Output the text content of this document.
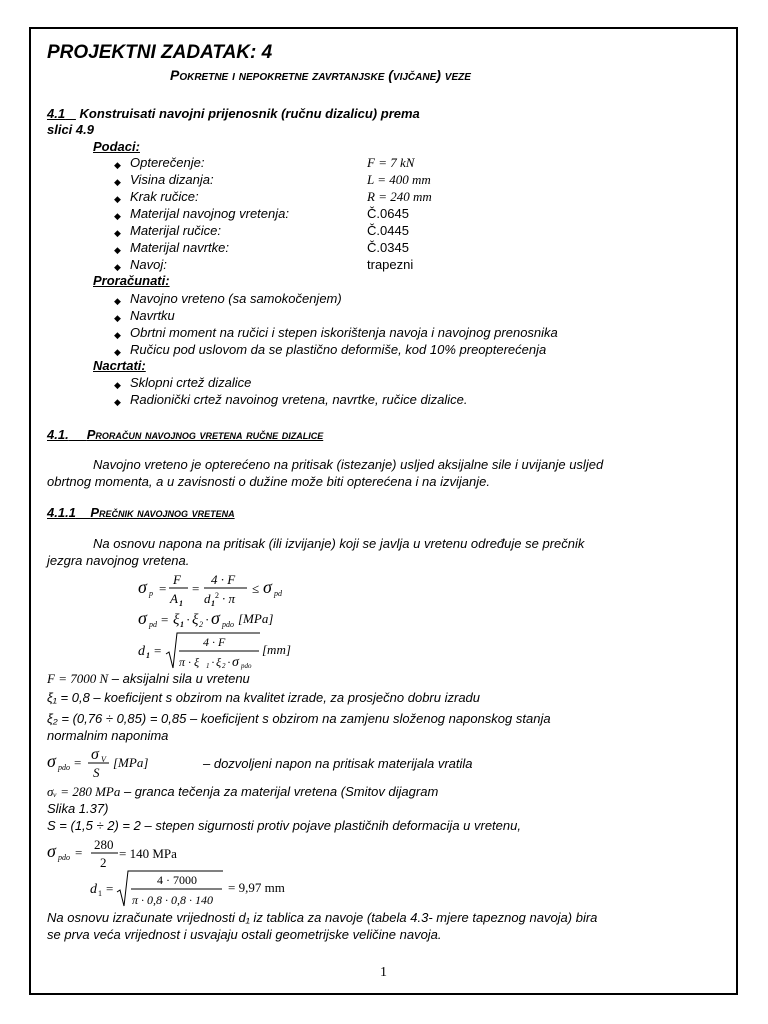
PROJEKTNI ZADATAK: 4
Pokretne i nepokretne zavrtanjske (vijčane) veze
4.1 Konstruisati navojni prijenosnik (ručnu dizalicu) prema
slici 4.9
Podaci:
◆ Opterečenje:	F = 7 kN
◆ Visina dizanja:	L = 400 mm
◆ Krak ručice:	R = 240 mm
◆ Materijal navojnog vretenja:	Č.0645
◆ Materijal ručice:	Č.0445
◆ Materijal navrtke:	Č.0345
◆ Navoj:	trapezni
Proračunati:
◆ Navojno vreteno (sa samokočenjem)
◆ Navrtku
◆ Obrtni moment na ručici i stepen iskorištenja navoja i navojnog prenosnika
◆ Ručicu pod uslovom da se plastično deformiše, kod 10% preopterećenja
Nacrtati:
◆ Sklopni crtež dizalice
◆ Radionički crtež navoinog vretena, navrtke, ručice dizalice.
4.1. Proračun navojnog vretena ručne dizalice
Navojno vreteno je opterećeno na pritisak (istezanje) usljed aksijalne sile i uvijanje usljed
obrtnog momenta, a u zavisnosti o dužine može biti opterećena i na izvijanje.
4.1.1 Prečnik navojnog vretena
Na osnovu napona na pritisak (ili izvijanje) koji se javlja u vretenu određuje se prečnik
jezgra navojnog vretena.
σ p =
F
A 1
=
4 · F
d 1
2 · π
≤ σ pd
σ pd = ξ 1 · ξ 2 · σ pdo [MPa]
d 1 =
4 · F
π · ξ 1 · ξ 2 · σ pdo
[mm]
F = 7000 N – aksijalni sila u vretenu
ξ₁ = 0,8 – koeficijent s obzirom na kvalitet izrade, za prosječno dobru izradu
ξ₂ = (0,76 ÷ 0,85) = 0,85 – koeficijent s obzirom na zamjenu složenog naponskog stanja
normalnim naponima
σ pdo = σ V
S
[MPa]	– dozvoljeni napon na pritisak materijala vratila
σᵥ = 280 MPa – granca tečenja za materijal vretena (Smitov dijagram
Slika 1.37)
S = (1,5 ÷ 2) = 2 – stepen sigurnosti protiv pojave plastičnih deformacija u vretenu,
σ pdo =
280
2
= 140 MPa
d 1 =
4 · 7000
π · 0,8 · 0,8 · 140
= 9,97 mm
Na osnovu izračunate vrijednosti d₁ iz tablica za navoje (tabela 4.3- mjere tapeznog navoja) bira
se prva veća vrijednost i usvajaju ostali geometrijske veličine navoja.
1
